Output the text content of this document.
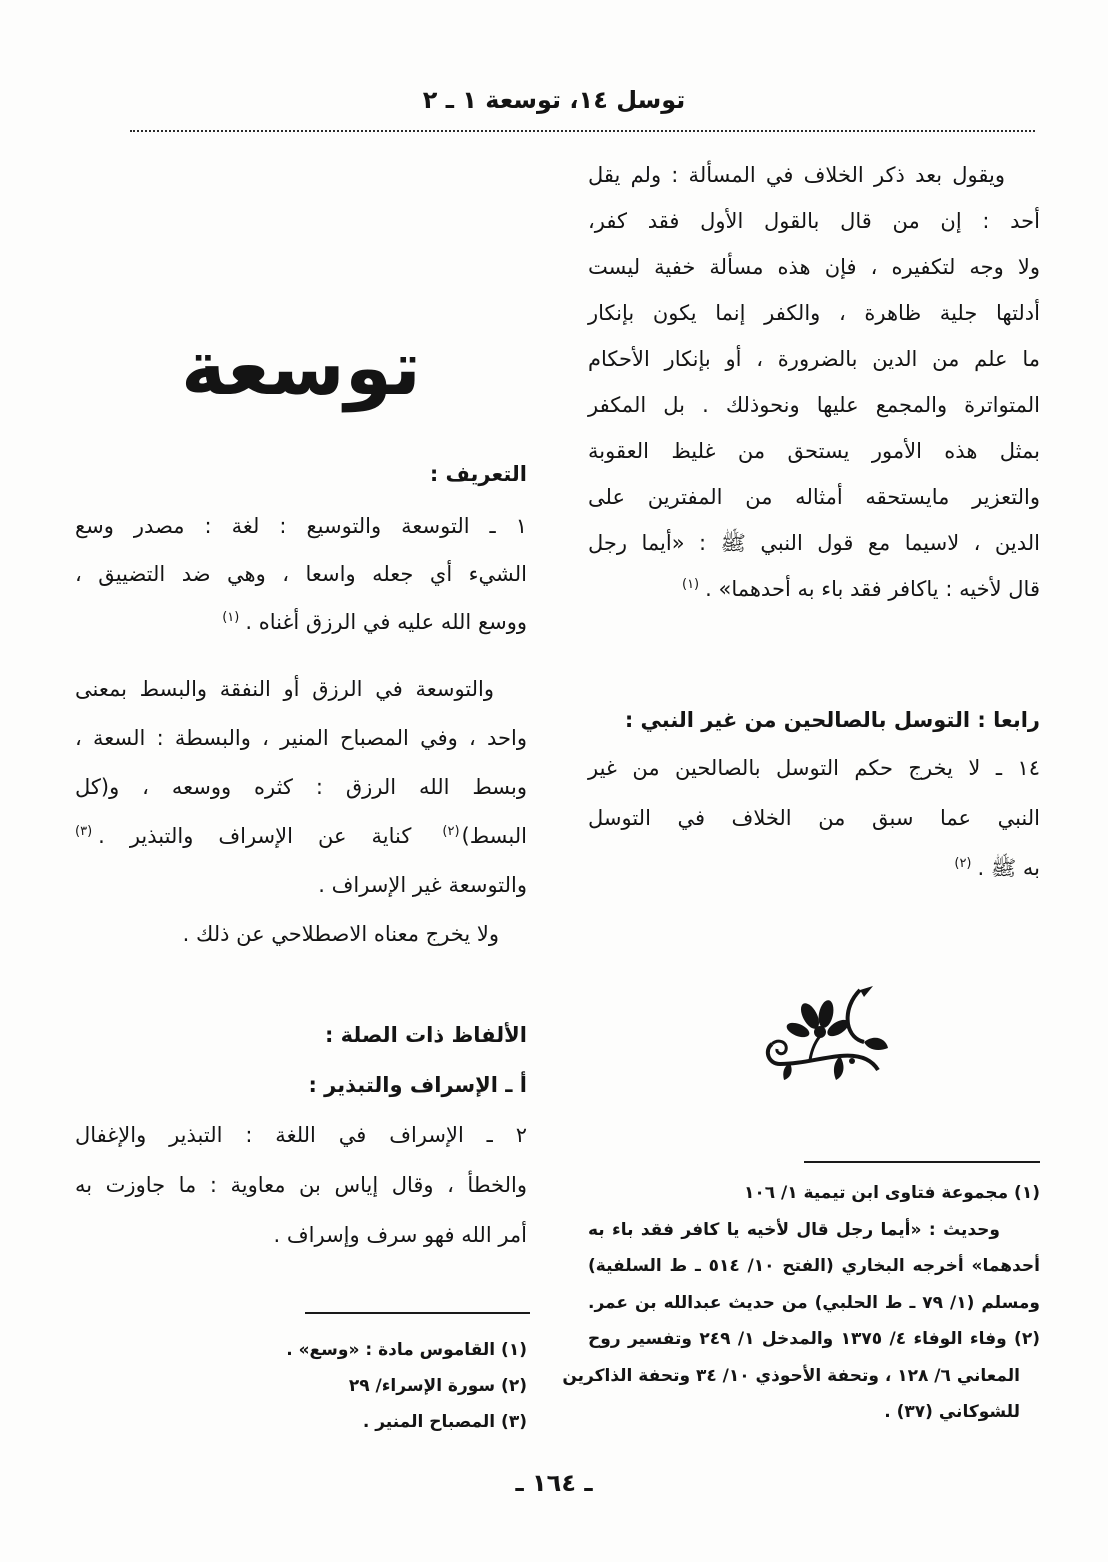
توسل ١٤، توسعة ١ ـ ٢
ويقول بعد ذكر الخلاف في المسألة : ولم يقل
أحد : إن من قال بالقول الأول فقد كفر،
ولا وجه لتكفيره ، فإن هذه مسألة خفية ليست
أدلتها جلية ظاهرة ، والكفر إنما يكون بإنكار
ما علم من الدين بالضرورة ، أو بإنكار الأحكام
المتواترة والمجمع عليها ونحوذلك . بل المكفر
بمثل هذه الأمور يستحق من غليظ العقوبة
والتعزير مايستحقه أمثاله من المفترين على
الدين ، لاسيما مع قول النبي ﷺ : «أيما رجل
قال لأخيه : ياكافر فقد باء به أحدهما» .$^{(١)}$
رابعا : التوسل بالصالحين من غير النبي :
١٤ ـ لا يخرج حكم التوسل بالصالحين من غير
النبي عما سبق من الخلاف في التوسل
به ﷺ .$^{(٢)}$
(١) مجموعة فتاوى ابن تيمية ١/ ١٠٦
وحديث : «أيما رجل قال لأخيه يا كافر فقد باء به
أحدهما» أخرجه البخاري (الفتح ١٠/ ٥١٤ ـ ط السلفية)
ومسلم (١/ ٧٩ ـ ط الحلبي) من حديث عبدالله بن عمر.
(٢) وفاء الوفاء ٤/ ١٣٧٥ والمدخل ١/ ٢٤٩ وتفسير روح
المعاني ٦/ ١٢٨ ، وتحفة الأحوذي ١٠/ ٣٤ وتحفة الذاكرين
للشوكاني (٣٧) .
توسعة
التعريف :
١ ـ التوسعة والتوسيع : لغة : مصدر وسع
الشيء أي جعله واسعا ، وهي ضد التضييق ،
ووسع الله عليه في الرزق أغناه .$^{(١)}$
والتوسعة في الرزق أو النفقة والبسط بمعنى
واحد ، وفي المصباح المنير ، والبسطة : السعة ،
وبسط الله الرزق : كثره ووسعه ، و(كل
البسط)$^{(٢)}$ كناية عن الإسراف والتبذير .$^{(٣)}$
والتوسعة غير الإسراف .
ولا يخرج معناه الاصطلاحي عن ذلك .
الألفاظ ذات الصلة :
أ ـ الإسراف والتبذير :
٢ ـ الإسراف في اللغة : التبذير والإغفال
والخطأ ، وقال إياس بن معاوية : ما جاوزت به
أمر الله فهو سرف وإسراف .
(١) القاموس مادة : «وسع» .
(٢) سورة الإسراء/ ٢٩
(٣) المصباح المنير .
ـ ١٦٤ ـ
